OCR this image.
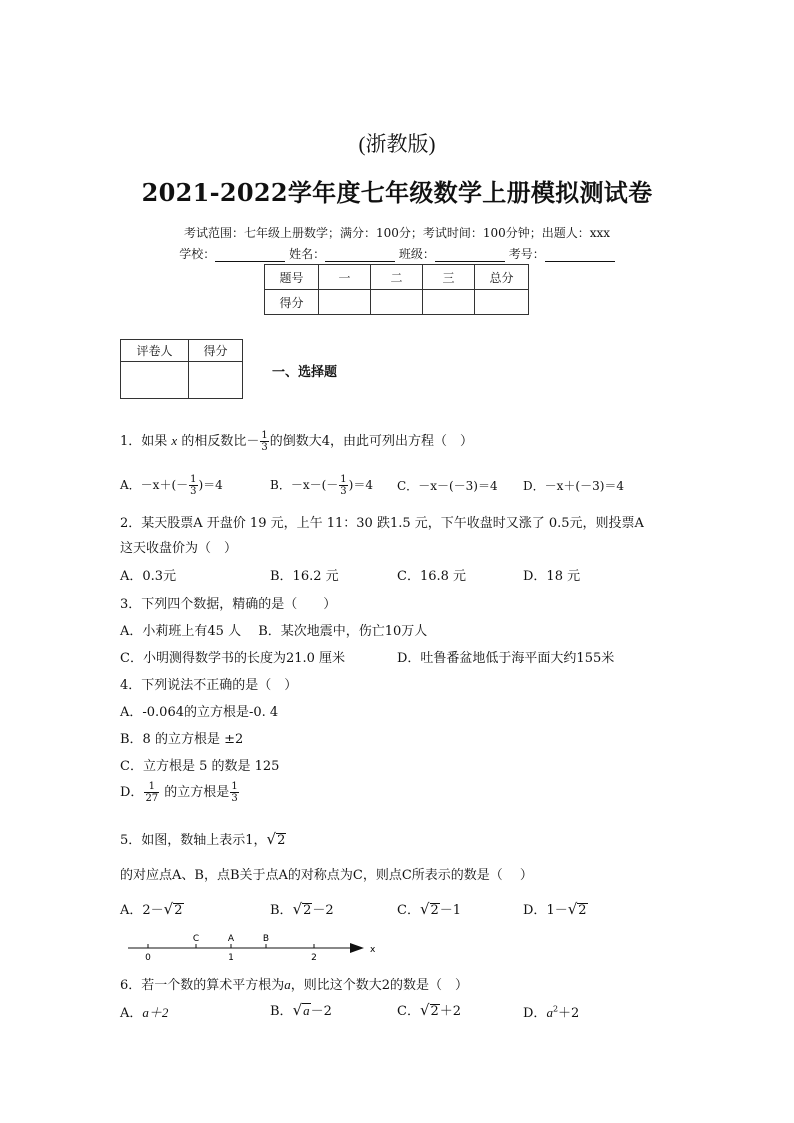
(浙教版)
2021-2022学年度七年级数学上册模拟测试卷
考试范围：七年级上册数学；满分：100分；考试时间：100分钟；出题人：xxx
学校：	姓名：	班级：	考号：
题号	一	二	三	总分
得分				
评卷人	得分

一、选择题
1．如果 x 的相反数比－ $\frac{1}{3}$ 的倒数大4，由此可列出方程（　）
A．$-x+(- \frac{1}{3} )=4$	B．$-x-(- \frac{1}{3} )=4$ C．－x－(－3)＝4 D．－x＋(－3)＝4
2．某天股票A 开盘价 19 元，上午 11：30 跌1.5 元，下午收盘时又涨了 0.5元，则投票A
这天收盘价为（　）
A．0.3元	B．16.2 元	C．16.8 元	D．18 元
3．下列四个数据，精确的是（　　）
A．小莉班上有45 人　 B．某次地震中，伤亡10万人
C．小明测得数学书的长度为21.0 厘米	D．吐鲁番盆地低于海平面大约155米
4．下列说法不正确的是（　）
A．-0.064的立方根是-0. 4
B．8 的立方根是 ±2
C．立方根是 5 的数是 125
D． $\frac{1}{27}$ 的立方根是 $\frac{1}{3}$
5．如图，数轴上表示1，√2
的对应点A、B，点B关于点A的对称点为C，则点C所表示的数是（　 ）
A．2－√2	B．√2－2	C．√2－1	D．1－√2
C	A	B
0	1	2
x
6．若一个数的算术平方根为a，则比这个数大2的数是（　）
A．a＋2	B．√a－2	C．√2＋2	D．$a^2+2$
